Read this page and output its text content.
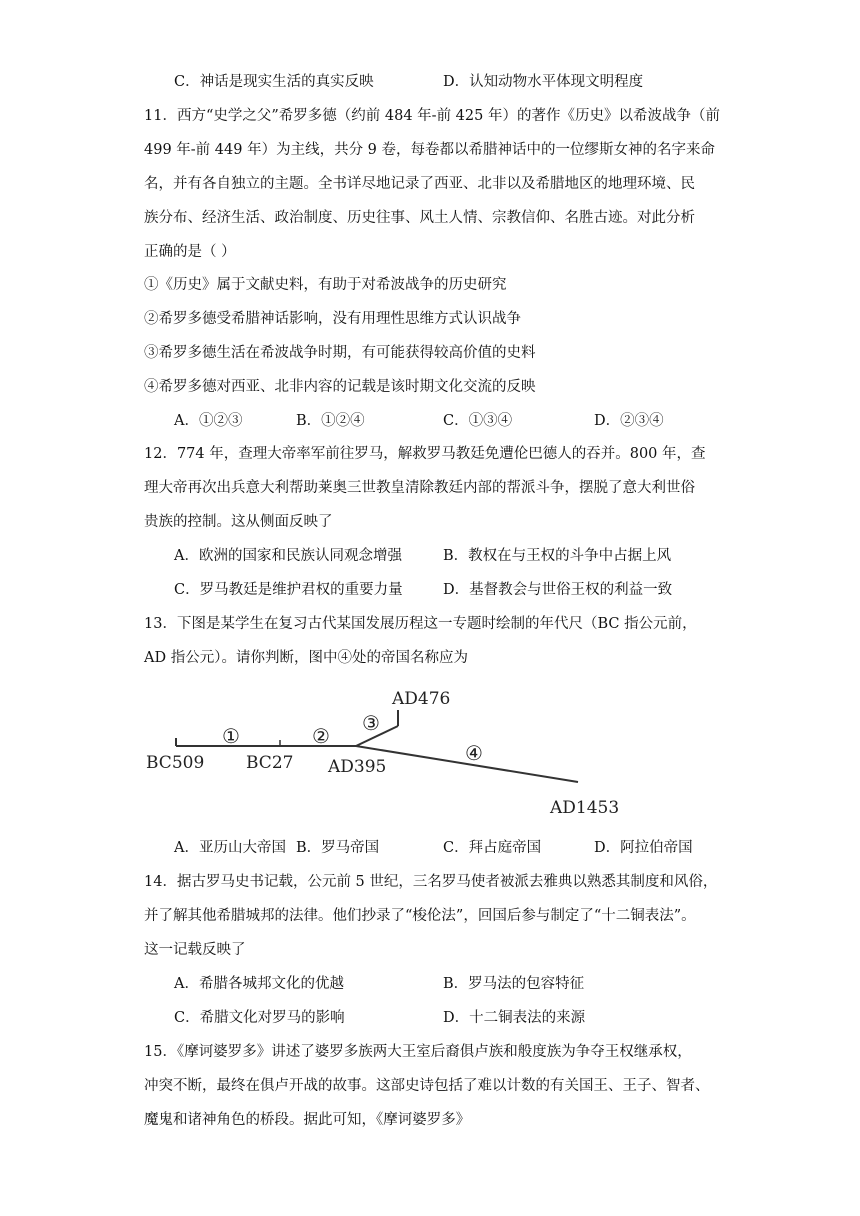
C．神话是现实生活的真实反映	D．认知动物水平体现文明程度
11．西方“史学之父”希罗多德（约前 484 年-前 425 年）的著作《历史》以希波战争（前
499 年-前 449 年）为主线，共分 9 卷，每卷都以希腊神话中的一位缪斯女神的名字来命
名，并有各自独立的主题。全书详尽地记录了西亚、北非以及希腊地区的地理环境、民
族分布、经济生活、政治制度、历史往事、风土人情、宗教信仰、名胜古迹。对此分析
正确的是（ ）
①《历史》属于文献史料，有助于对希波战争的历史研究
②希罗多德受希腊神话影响，没有用理性思维方式认识战争
③希罗多德生活在希波战争时期，有可能获得较高价值的史料
④希罗多德对西亚、北非内容的记载是该时期文化交流的反映
A．①②③	B．①②④	C．①③④	D．②③④
12．774 年，查理大帝率军前往罗马，解救罗马教廷免遭伦巴德人的吞并。800 年，查
理大帝再次出兵意大利帮助莱奥三世教皇清除教廷内部的帮派斗争，摆脱了意大利世俗
贵族的控制。这从侧面反映了
A．欧洲的国家和民族认同观念增强	B．教权在与王权的斗争中占据上风
C．罗马教廷是维护君权的重要力量	D．基督教会与世俗王权的利益一致
13．下图是某学生在复习古代某国发展历程这一专题时绘制的年代尺（BC 指公元前，
AD 指公元）。请你判断，图中④处的帝国名称应为
BC509 BC27 AD395
AD476
AD1453
①	②
③
④
A．亚历山大帝国 B．罗马帝国	C．拜占庭帝国	D．阿拉伯帝国
14．据古罗马史书记载，公元前 5 世纪，三名罗马使者被派去雅典以熟悉其制度和风俗，
并了解其他希腊城邦的法律。他们抄录了“梭伦法”，回国后参与制定了“十二铜表法”。
这一记载反映了
A．希腊各城邦文化的优越	B．罗马法的包容特征
C．希腊文化对罗马的影响	D．十二铜表法的来源
15．《摩诃婆罗多》讲述了婆罗多族两大王室后裔俱卢族和般度族为争夺王权继承权，
冲突不断，最终在俱卢开战的故事。这部史诗包括了难以计数的有关国王、王子、智者、
魔鬼和诸神角色的桥段。据此可知，《摩诃婆罗多》
